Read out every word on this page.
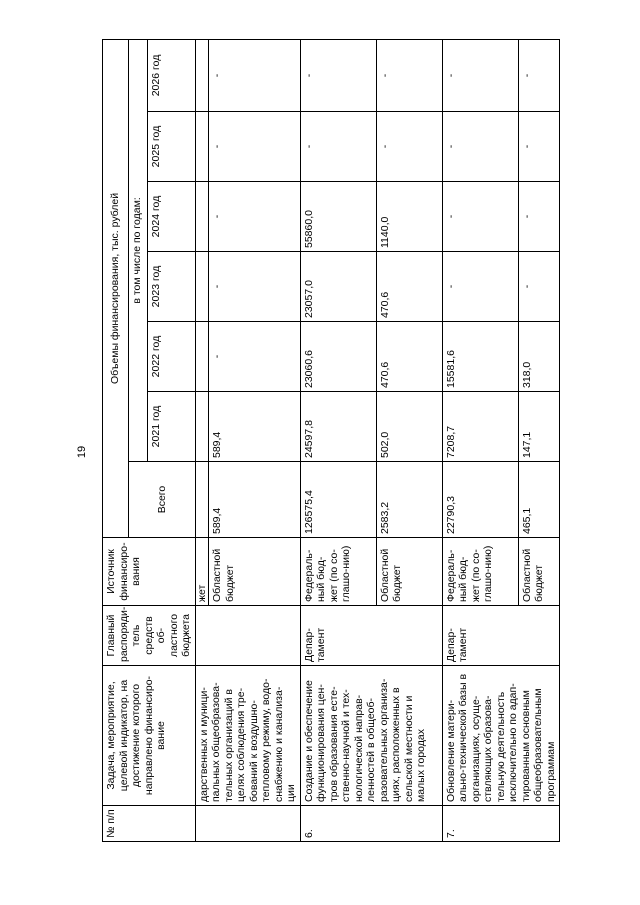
19
№ п/п	Задача, мероприятие, целевой индикатор, на достижение которого направлено финансиро-вание	Главный распоряди-тель средств об-ластного бюджета	Источник финансиро-вания	Объемы финансирования, тыс. рублей						
				Всего	в том числе по годам:					
					2021 год	2022 год	2023 год	2024 год	2025 год	2026 год
	дарственных и муници-пальных общеобразова-тельных организаций в целях соблюдения тре-бований к воздушно-тепловому режиму, водо-снабжению и канализа-ции		жет							
			Областной бюджет	589,4	589,4	-	-	-	-	-
6.	Создание и обеспечение функционирования цен-тров образования есте-ственно-научной и тех-нологической направ-ленностей в общеоб-разовательных организа-циях, расположенных в сельской местности и малых городах	Депар-тамент	Федераль-ный бюд-жет (по со-глашо-нию)	126575,4	24597,8	23060,6	23057,0	55860,0	-	-
			Областной бюджет	2583,2	502,0	470,6	470,6	1140,0	-	-
7.	Обновление матери-ально-технической базы в организациях, осуще-ствляющих образова-тельную деятельность исключительно по адап-тированным основным общеобразовательным программам	Депар-тамент	Федераль-ный бюд-жет (по со-глашо-нию)	22790,3	7208,7	15581,6	-	-	-	-
			Областной бюджет	465,1	147,1	318,0	-	-	-	-
